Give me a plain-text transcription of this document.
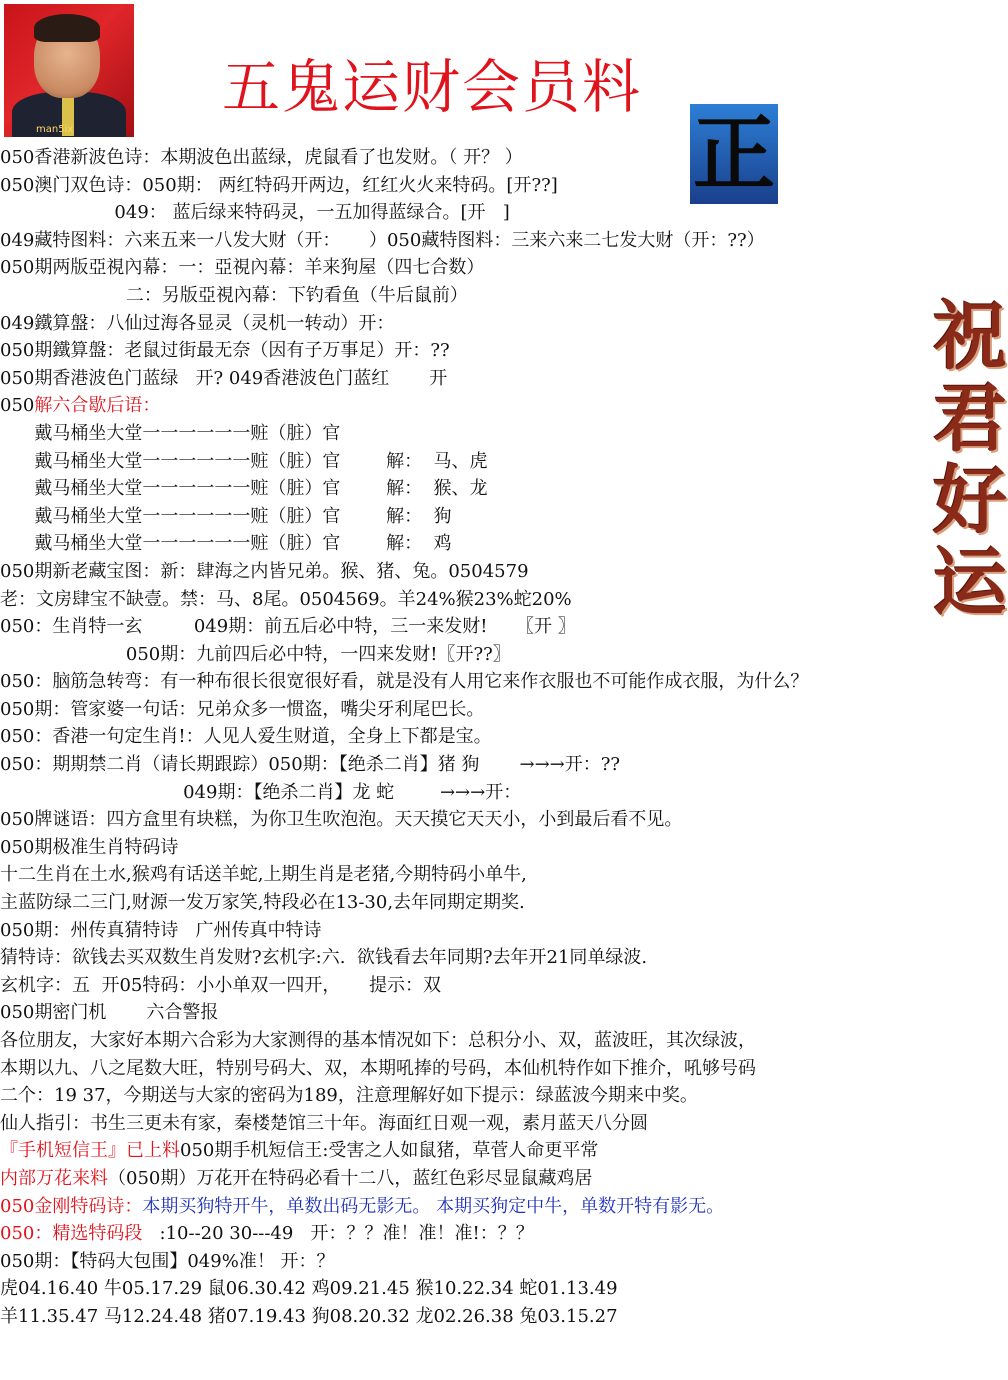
man5ix
五鬼运财会员料
正
祝
君
好
运
050香港新波色诗：本期波色出蓝绿，虎鼠看了也发财。（ 开？ ）
050澳门双色诗：050期： 两红特码开两边，红红火火来特码。[开??]
049： 蓝后绿来特码灵，一五加得蓝绿合。[开   ]
049藏特图料：六来五来一八发大财（开：     ）050藏特图料：三来六来二七发大财（开：??）
050期两版亞視內幕：一：亞視內幕：羊来狗屋（四七合数）
二：另版亞視內幕：下钓看鱼（牛后鼠前）
049鐵算盤：八仙过海各显灵（灵机一转动）开：
050期鐵算盤：老鼠过街最无奈（因有子万事足）开：??
050期香港波色门蓝绿   开? 049香港波色门蓝红       开
050解六合歇后语：
戴马桶坐大堂一一一一一一赃（脏）官
戴马桶坐大堂一一一一一一赃（脏）官        解：  马、虎
戴马桶坐大堂一一一一一一赃（脏）官        解：  猴、龙
戴马桶坐大堂一一一一一一赃（脏）官        解：  狗
戴马桶坐大堂一一一一一一赃（脏）官        解：  鸡
050期新老藏宝图：新：肆海之内皆兄弟。猴、猪、兔。0504579
老：文房肆宝不缺壹。禁：马、8尾。0504569。羊24%猴23%蛇20%
050：生肖特一玄         049期：前五后必中特，三一来发财!     〖开 〗
050期：九前四后必中特，一四来发财!〖开??〗
050：脑筋急转弯：有一种布很长很宽很好看，就是没有人用它来作衣服也不可能作成衣服，为什么？
050期：管家婆一句话：兄弟众多一惯盗，嘴尖牙利尾巴长。
050：香港一句定生肖!：人见人爱生财道，全身上下都是宝。
050：期期禁二肖（请长期跟踪）050期：【绝杀二肖】猪 狗       →→→开：??
049期：【绝杀二肖】龙 蛇        →→→开：
050牌谜语：四方盒里有块糕，为你卫生吹泡泡。天天摸它天天小，小到最后看不见。
050期极准生肖特码诗
十二生肖在土水,猴鸡有话送羊蛇,上期生肖是老猪,今期特码小单牛,
主蓝防绿二三门,财源一发万家笑,特段必在13-30,去年同期定期奖.
050期：州传真猜特诗   广州传真中特诗
猜特诗：欲钱去买双数生肖发财?玄机字:六.  欲钱看去年同期?去年开21同单绿波.
玄机字：五  开05特码：小小单双一四开，     提示：双
050期密门机       六合警报
各位朋友，大家好本期六合彩为大家测得的基本情况如下：总积分小、双，蓝波旺，其次绿波，
本期以九、八之尾数大旺，特别号码大、双，本期吼捧的号码，本仙机特作如下推介，吼够号码
二个：19 37，今期送与大家的密码为189，注意理解好如下提示：绿蓝波今期来中奖。
仙人指引：书生三更未有家，秦楼楚馆三十年。海面红日观一观，素月蓝天八分圆
『手机短信王』已上料050期手机短信王:受害之人如鼠猪，草菅人命更平常
内部万花来料（050期）万花开在特码必看十二八，蓝红色彩尽显鼠藏鸡居
050金刚特码诗：本期买狗特开牛，单数出码无影无。 本期买狗定中牛，单数开特有影无。
050：精选特码段   :10--20 30---49   开：？？准！准！准!：？？
050期：【特码大包围】049%准！ 开：？
虎04.16.40 牛05.17.29 鼠06.30.42 鸡09.21.45 猴10.22.34 蛇01.13.49
羊11.35.47 马12.24.48 猪07.19.43 狗08.20.32 龙02.26.38 兔03.15.27
